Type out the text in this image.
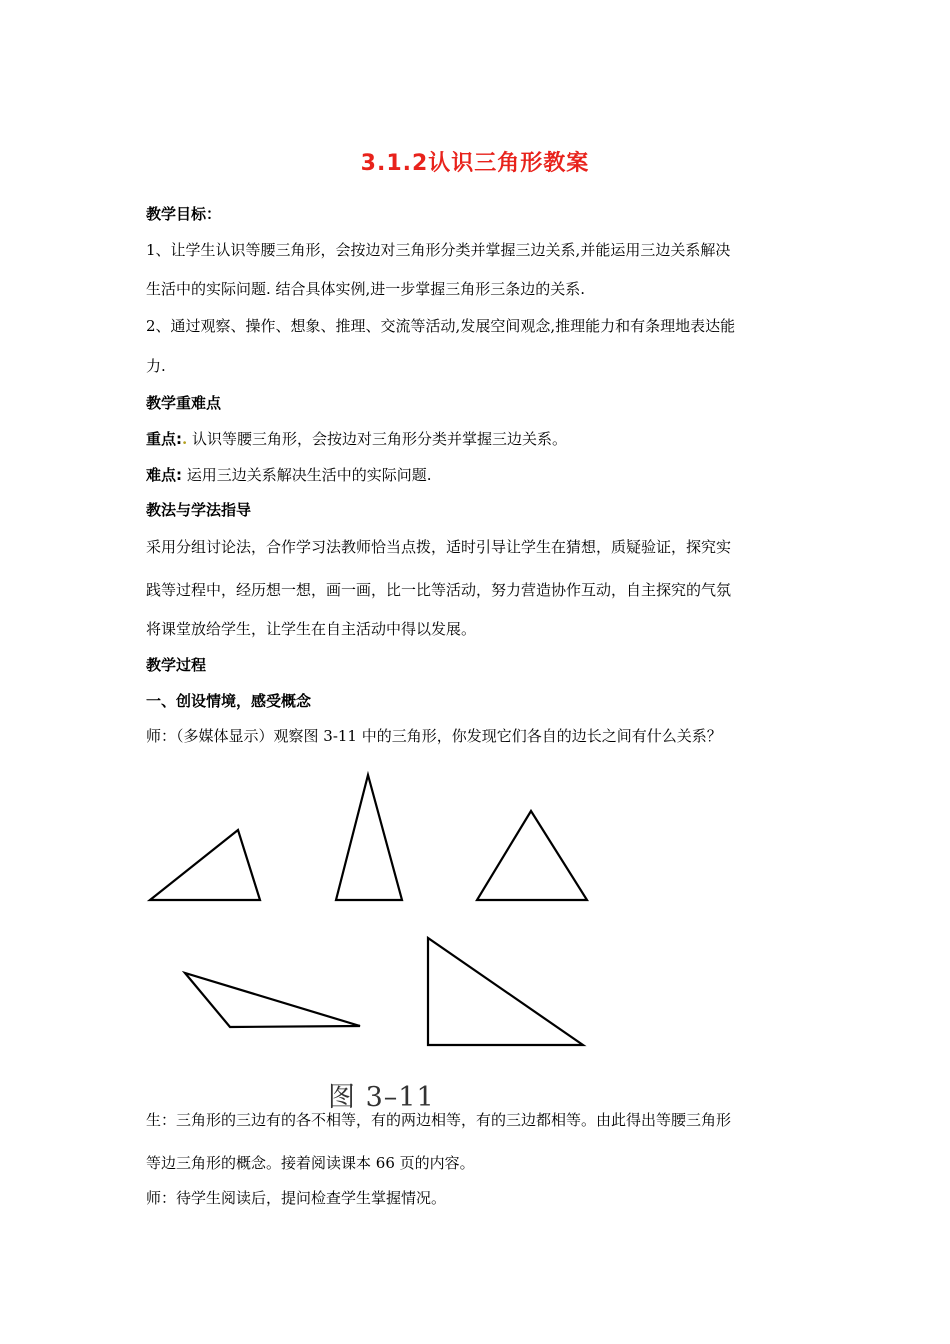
3.1.2认识三角形教案
教学目标：
1、让学生认识等腰三角形，会按边对三角形分类并掌握三边关系,并能运用三边关系解决
生活中的实际问题. 结合具体实例,进一步掌握三角形三条边的关系.
2、通过观察、操作、想象、推理、交流等活动,发展空间观念,推理能力和有条理地表达能
力.
教学重难点
重点:. 认识等腰三角形，会按边对三角形分类并掌握三边关系。
难点: 运用三边关系解决生活中的实际问题.
教法与学法指导
采用分组讨论法，合作学习法教师恰当点拨，适时引导让学生在猜想，质疑验证，探究实
践等过程中，经历想一想，画一画，比一比等活动，努力营造协作互动，自主探究的气氛
将课堂放给学生，让学生在自主活动中得以发展。
教学过程
一、创设情境，感受概念
师：（多媒体显示）观察图 3-11 中的三角形，你发现它们各自的边长之间有什么关系？
图 3–11
生：三角形的三边有的各不相等，有的两边相等，有的三边都相等。由此得出等腰三角形
等边三角形的概念。接着阅读课本 66 页的内容。
师：待学生阅读后，提问检查学生掌握情况。
